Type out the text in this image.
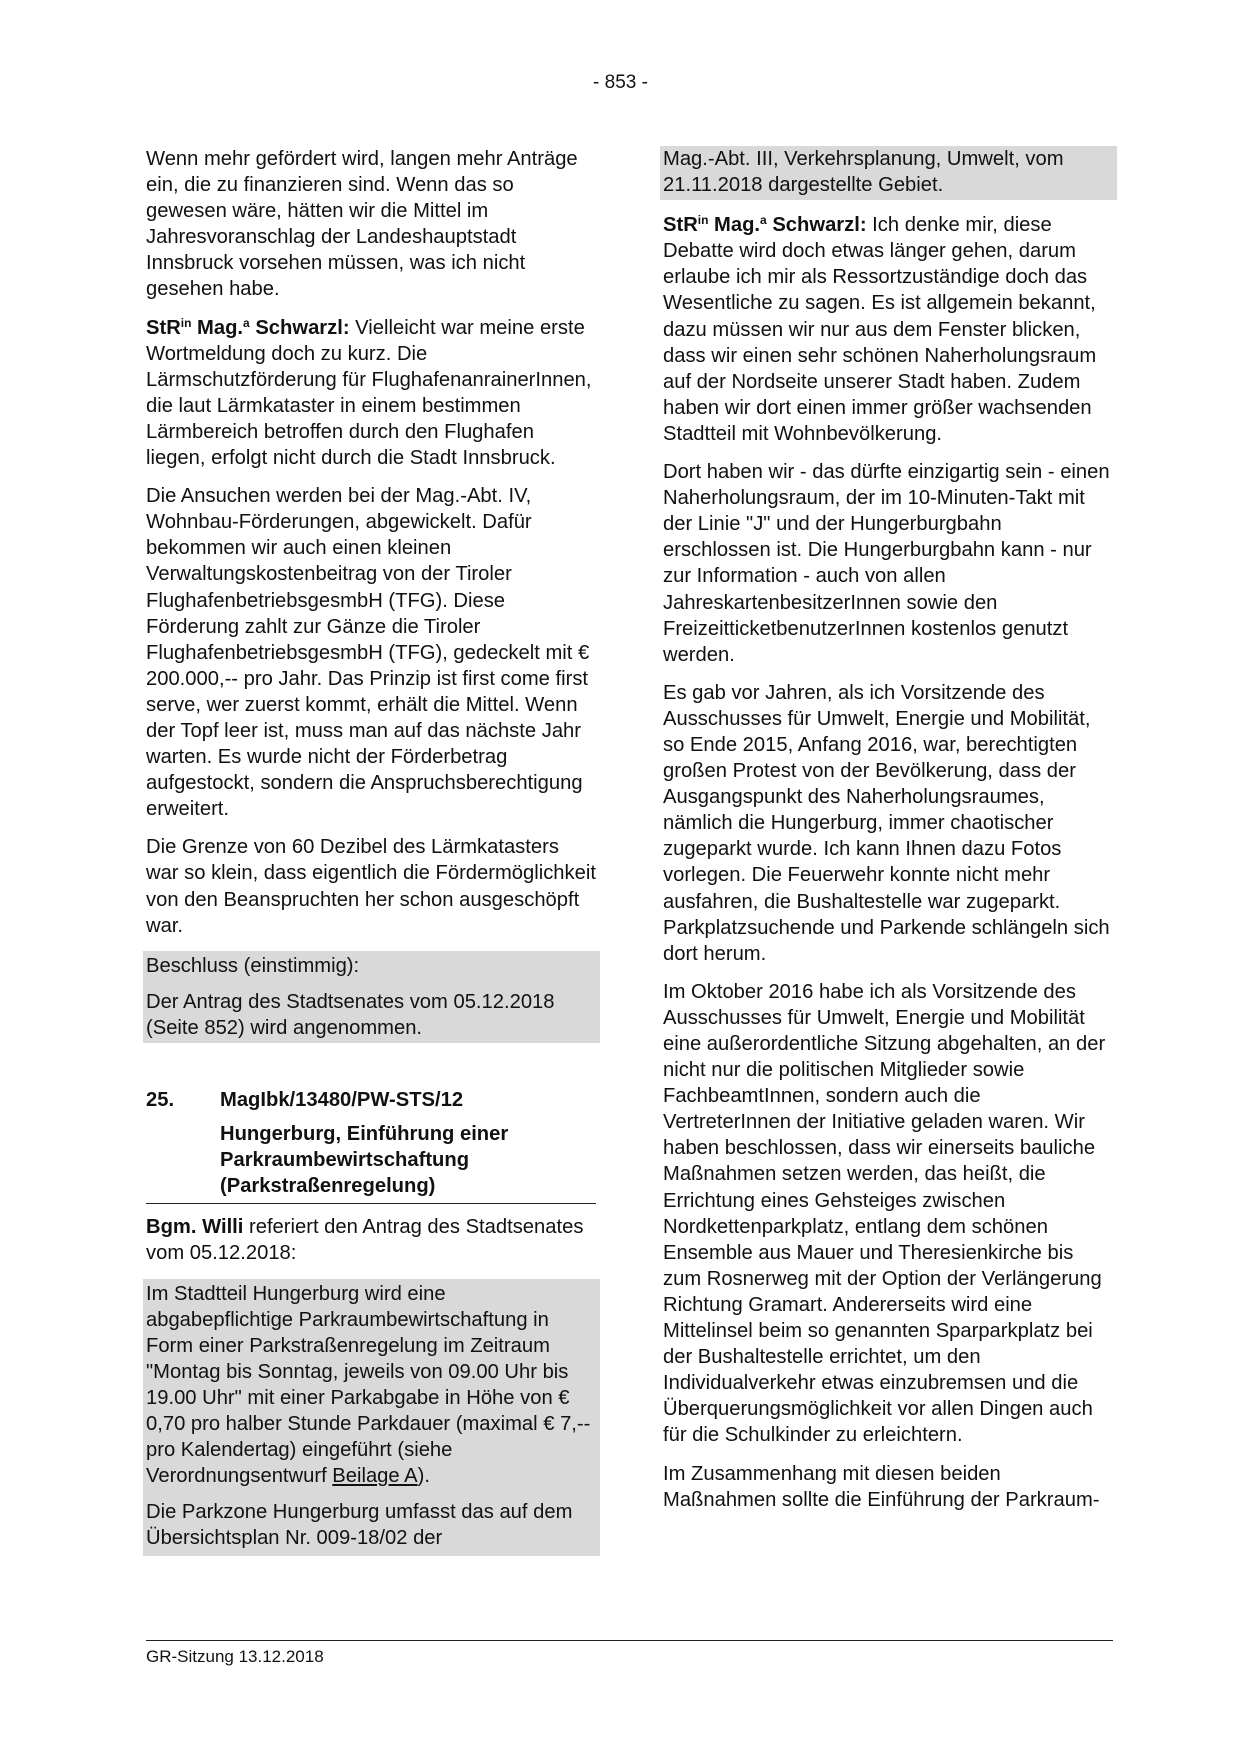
- 853 -

Wenn mehr gefördert wird, langen mehr Anträge ein, die zu finanzieren sind. Wenn das so gewesen wäre, hätten wir die Mittel im Jahresvoranschlag der Landeshauptstadt Innsbruck vorsehen müssen, was ich nicht gesehen habe.

StR$^{in}$ Mag.$^a$ Schwarzl: Vielleicht war meine erste Wortmeldung doch zu kurz. Die Lärmschutzförderung für FlughafenanrainerInnen, die laut Lärmkataster in einem bestimmen Lärmbereich betroffen durch den Flughafen liegen, erfolgt nicht durch die Stadt Innsbruck.

Die Ansuchen werden bei der Mag.-Abt. IV, Wohnbau-Förderungen, abgewickelt. Dafür bekommen wir auch einen kleinen Verwaltungskostenbeitrag von der Tiroler FlughafenbetriebsgesmbH (TFG). Diese Förderung zahlt zur Gänze die Tiroler FlughafenbetriebsgesmbH (TFG), gedeckelt mit € 200.000,-- pro Jahr. Das Prinzip ist first come first serve, wer zuerst kommt, erhält die Mittel. Wenn der Topf leer ist, muss man auf das nächste Jahr warten. Es wurde nicht der Förderbetrag aufgestockt, sondern die Anspruchsberechtigung erweitert.

Die Grenze von 60 Dezibel des Lärmkatasters war so klein, dass eigentlich die Fördermöglichkeit von den Beanspruchten her schon ausgeschöpft war.

Beschluss (einstimmig):

Der Antrag des Stadtsenates vom 05.12.2018 (Seite 852) wird angenommen.

25.	MagIbk/13480/PW-STS/12
Hungerburg, Einführung einer Parkraumbewirtschaftung (Parkstraßenregelung)

Bgm. Willi referiert den Antrag des Stadtsenates vom 05.12.2018:

Im Stadtteil Hungerburg wird eine abgabepflichtige Parkraumbewirtschaftung in Form einer Parkstraßenregelung im Zeitraum "Montag bis Sonntag, jeweils von 09.00 Uhr bis 19.00 Uhr" mit einer Parkabgabe in Höhe von € 0,70 pro halber Stunde Parkdauer (maximal € 7,-- pro Kalendertag) eingeführt (siehe Verordnungsentwurf Beilage A).

Die Parkzone Hungerburg umfasst das auf dem Übersichtsplan Nr. 009-18/02 der

Mag.-Abt. III, Verkehrsplanung, Umwelt, vom 21.11.2018 dargestellte Gebiet.

StR$^{in}$ Mag.$^a$ Schwarzl: Ich denke mir, diese Debatte wird doch etwas länger gehen, darum erlaube ich mir als Ressortzuständige doch das Wesentliche zu sagen. Es ist allgemein bekannt, dazu müssen wir nur aus dem Fenster blicken, dass wir einen sehr schönen Naherholungsraum auf der Nordseite unserer Stadt haben. Zudem haben wir dort einen immer größer wachsenden Stadtteil mit Wohnbevölkerung.

Dort haben wir - das dürfte einzigartig sein - einen Naherholungsraum, der im 10-Minuten-Takt mit der Linie "J" und der Hungerburgbahn erschlossen ist. Die Hungerburgbahn kann - nur zur Information - auch von allen JahreskartenbesitzerInnen sowie den FreizeitticketbenutzerInnen kostenlos genutzt werden.

Es gab vor Jahren, als ich Vorsitzende des Ausschusses für Umwelt, Energie und Mobilität, so Ende 2015, Anfang 2016, war, berechtigten großen Protest von der Bevölkerung, dass der Ausgangspunkt des Naherholungsraumes, nämlich die Hungerburg, immer chaotischer zugeparkt wurde. Ich kann Ihnen dazu Fotos vorlegen. Die Feuerwehr konnte nicht mehr ausfahren, die Bushaltestelle war zugeparkt. Parkplatzsuchende und Parkende schlängeln sich dort herum.

Im Oktober 2016 habe ich als Vorsitzende des Ausschusses für Umwelt, Energie und Mobilität eine außerordentliche Sitzung abgehalten, an der nicht nur die politischen Mitglieder sowie FachbeamtInnen, sondern auch die VertreterInnen der Initiative geladen waren. Wir haben beschlossen, dass wir einerseits bauliche Maßnahmen setzen werden, das heißt, die Errichtung eines Gehsteiges zwischen Nordkettenparkplatz, entlang dem schönen Ensemble aus Mauer und Theresienkirche bis zum Rosnerweg mit der Option der Verlängerung Richtung Gramart. Andererseits wird eine Mittelinsel beim so genannten Sparparkplatz bei der Bushaltestelle errichtet, um den Individualverkehr etwas einzubremsen und die Überquerungsmöglichkeit vor allen Dingen auch für die Schulkinder zu erleichtern.

Im Zusammenhang mit diesen beiden Maßnahmen sollte die Einführung der Parkraum-

GR-Sitzung 13.12.2018
